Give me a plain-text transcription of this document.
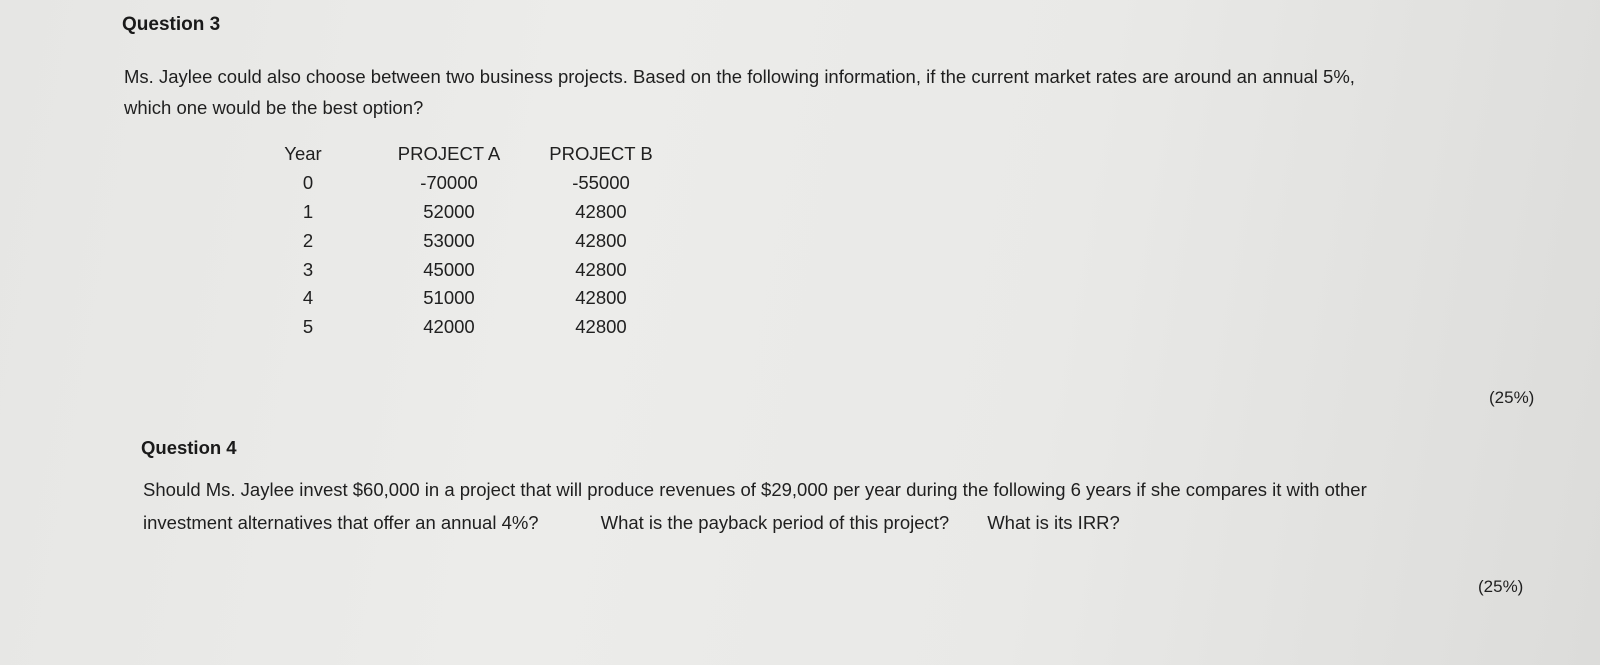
Question 3
Ms. Jaylee could also choose between two business projects. Based on the following information, if the current market rates are around an annual 5%,
which one would be the best option?
Year	PROJECT A	PROJECT B
0	-70000	-55000
1	52000	42800
2	53000	42800
3	45000	42800
4	51000	42800
5	42000	42800
(25%)
Question 4
Should Ms. Jaylee invest $60,000 in a project that will produce revenues of $29,000 per year during the following 6 years if she compares it with other
investment alternatives that offer an annual 4%?	What is the payback period of this project? What is its IRR?
(25%)
